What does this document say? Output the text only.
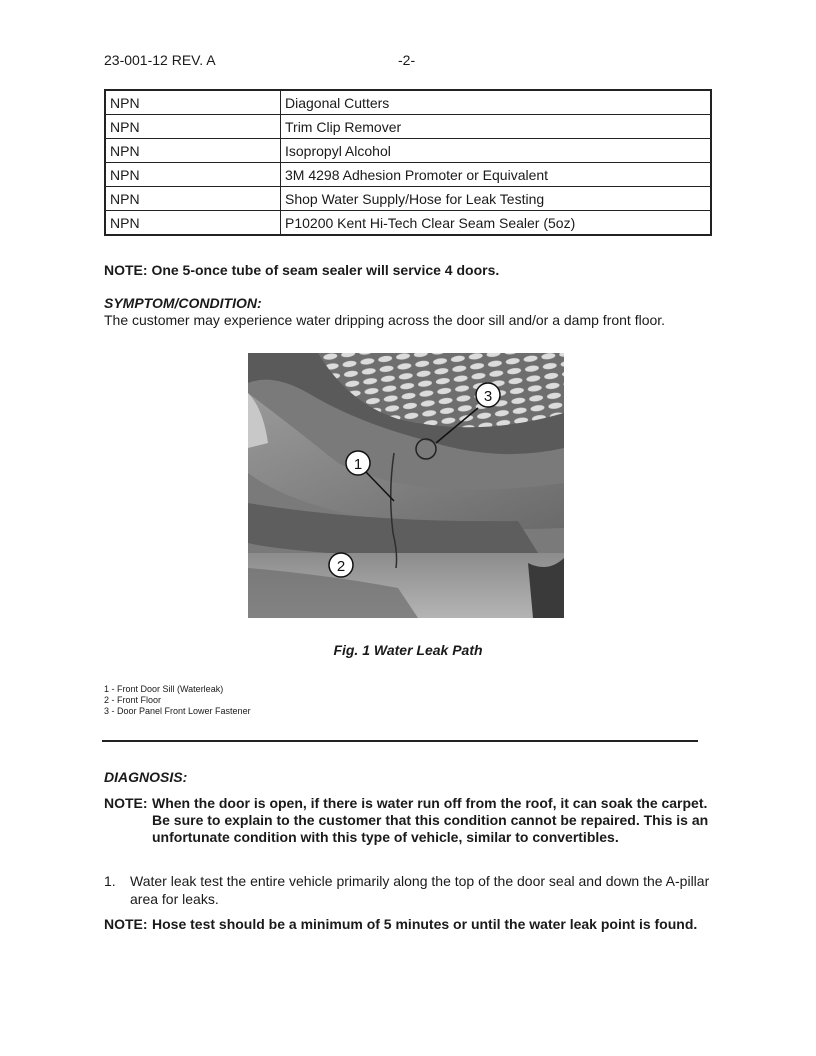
23-001-12 REV. A	-2-
NPN	Diagonal Cutters
NPN	Trim Clip Remover
NPN	Isopropyl Alcohol
NPN	3M 4298 Adhesion Promoter or Equivalent
NPN	Shop Water Supply/Hose for Leak Testing
NPN	P10200 Kent Hi-Tech Clear Seam Sealer (5oz)
NOTE: One 5-once tube of seam sealer will service 4 doors.
SYMPTOM/CONDITION:
The customer may experience water dripping across the door sill and/or a damp front floor.
1
2
3
Fig. 1 Water Leak Path
1 - Front Door Sill (Waterleak)
2 - Front Floor
3 - Door Panel Front Lower Fastener
DIAGNOSIS:
NOTE: When the door is open, if there is water run off from the roof, it can soak the carpet. Be sure to explain to the customer that this condition cannot be repaired. This is an unfortunate condition with this type of vehicle, similar to convertibles.
1. Water leak test the entire vehicle primarily along the top of the door seal and down the A-pillar area for leaks.
NOTE: Hose test should be a minimum of 5 minutes or until the water leak point is found.
